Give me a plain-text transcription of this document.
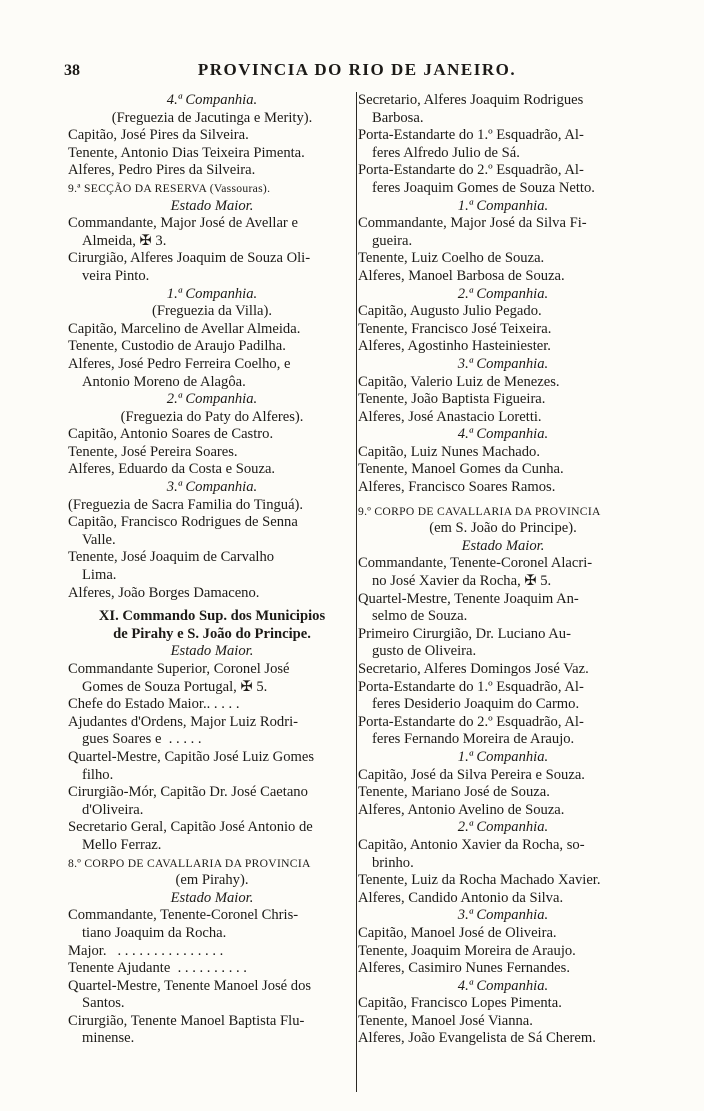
38	PROVINCIA DO RIO DE JANEIRO.
4.ª Companhia.
(Freguezia de Jacutinga e Merity).
Capitão, José Pires da Silveira.
Tenente, Antonio Dias Teixeira Pimenta.
Alferes, Pedro Pires da Silveira.
9.ª SECÇÃO DA RESERVA (Vassouras).
Estado Maior.
Commandante, Major José de Avellar e
Almeida, ✠ 3.
Cirurgião, Alferes Joaquim de Souza Oli-
veira Pinto.
1.ª Companhia.
(Freguezia da Villa).
Capitão, Marcelino de Avellar Almeida.
Tenente, Custodio de Araujo Padilha.
Alferes, José Pedro Ferreira Coelho, e
Antonio Moreno de Alagôa.
2.ª Companhia.
(Freguezia do Paty do Alferes).
Capitão, Antonio Soares de Castro.
Tenente, José Pereira Soares.
Alferes, Eduardo da Costa e Souza.
3.ª Companhia.
(Freguezia de Sacra Familia do Tinguá).
Capitão, Francisco Rodrigues de Senna
Valle.
Tenente, José Joaquim de Carvalho
Lima.
Alferes, João Borges Damaceno.
XI. Commando Sup. dos Municipios
de Pirahy e S. João do Principe.
Estado Maior.
Commandante Superior, Coronel José
Gomes de Souza Portugal, ✠ 5.
Chefe do Estado Maior. . . . . .
Ajudantes d'Ordens, Major Luiz Rodri-
gues Soares e . . . . .
Quartel-Mestre, Capitão José Luiz Gomes
filho.
Cirurgião-Mór, Capitão Dr. José Caetano
d'Oliveira.
Secretario Geral, Capitão José Antonio de
Mello Ferraz.
8.º CORPO DE CAVALLARIA DA PROVINCIA
(em Pirahy).
Estado Maior.
Commandante, Tenente-Coronel Chris-
tiano Joaquim da Rocha.
Major. . . . . . . . . . . . . . . .
Tenente Ajudante . . . . . . . . . .
Quartel-Mestre, Tenente Manoel José dos
Santos.
Cirurgião, Tenente Manoel Baptista Flu-
minense.
Secretario, Alferes Joaquim Rodrigues
Barbosa.
Porta-Estandarte do 1.º Esquadrão, Al-
feres Alfredo Julio de Sá.
Porta-Estandarte do 2.º Esquadrão, Al-
feres Joaquim Gomes de Souza Netto.
1.ª Companhia.
Commandante, Major José da Silva Fi-
gueira.
Tenente, Luiz Coelho de Souza.
Alferes, Manoel Barbosa de Souza.
2.ª Companhia.
Capitão, Augusto Julio Pegado.
Tenente, Francisco José Teixeira.
Alferes, Agostinho Hasteiniester.
3.ª Companhia.
Capitão, Valerio Luiz de Menezes.
Tenente, João Baptista Figueira.
Alferes, José Anastacio Loretti.
4.ª Companhia.
Capitão, Luiz Nunes Machado.
Tenente, Manoel Gomes da Cunha.
Alferes, Francisco Soares Ramos.
9.º CORPO DE CAVALLARIA DA PROVINCIA
(em S. João do Principe).
Estado Maior.
Commandante, Tenente-Coronel Alacri-
no José Xavier da Rocha, ✠ 5.
Quartel-Mestre, Tenente Joaquim An-
selmo de Souza.
Primeiro Cirurgião, Dr. Luciano Au-
gusto de Oliveira.
Secretario, Alferes Domingos José Vaz.
Porta-Estandarte do 1.º Esquadrão, Al-
feres Desiderio Joaquim do Carmo.
Porta-Estandarte do 2.º Esquadrão, Al-
feres Fernando Moreira de Araujo.
1.ª Companhia.
Capitão, José da Silva Pereira e Souza.
Tenente, Mariano José de Souza.
Alferes, Antonio Avelino de Souza.
2.ª Companhia.
Capitão, Antonio Xavier da Rocha, so-
brinho.
Tenente, Luiz da Rocha Machado Xavier.
Alferes, Candido Antonio da Silva.
3.ª Companhia.
Capitão, Manoel José de Oliveira.
Tenente, Joaquim Moreira de Araujo.
Alferes, Casimiro Nunes Fernandes.
4.ª Companhia.
Capitão, Francisco Lopes Pimenta.
Tenente, Manoel José Vianna.
Alferes, João Evangelista de Sá Cherem.
